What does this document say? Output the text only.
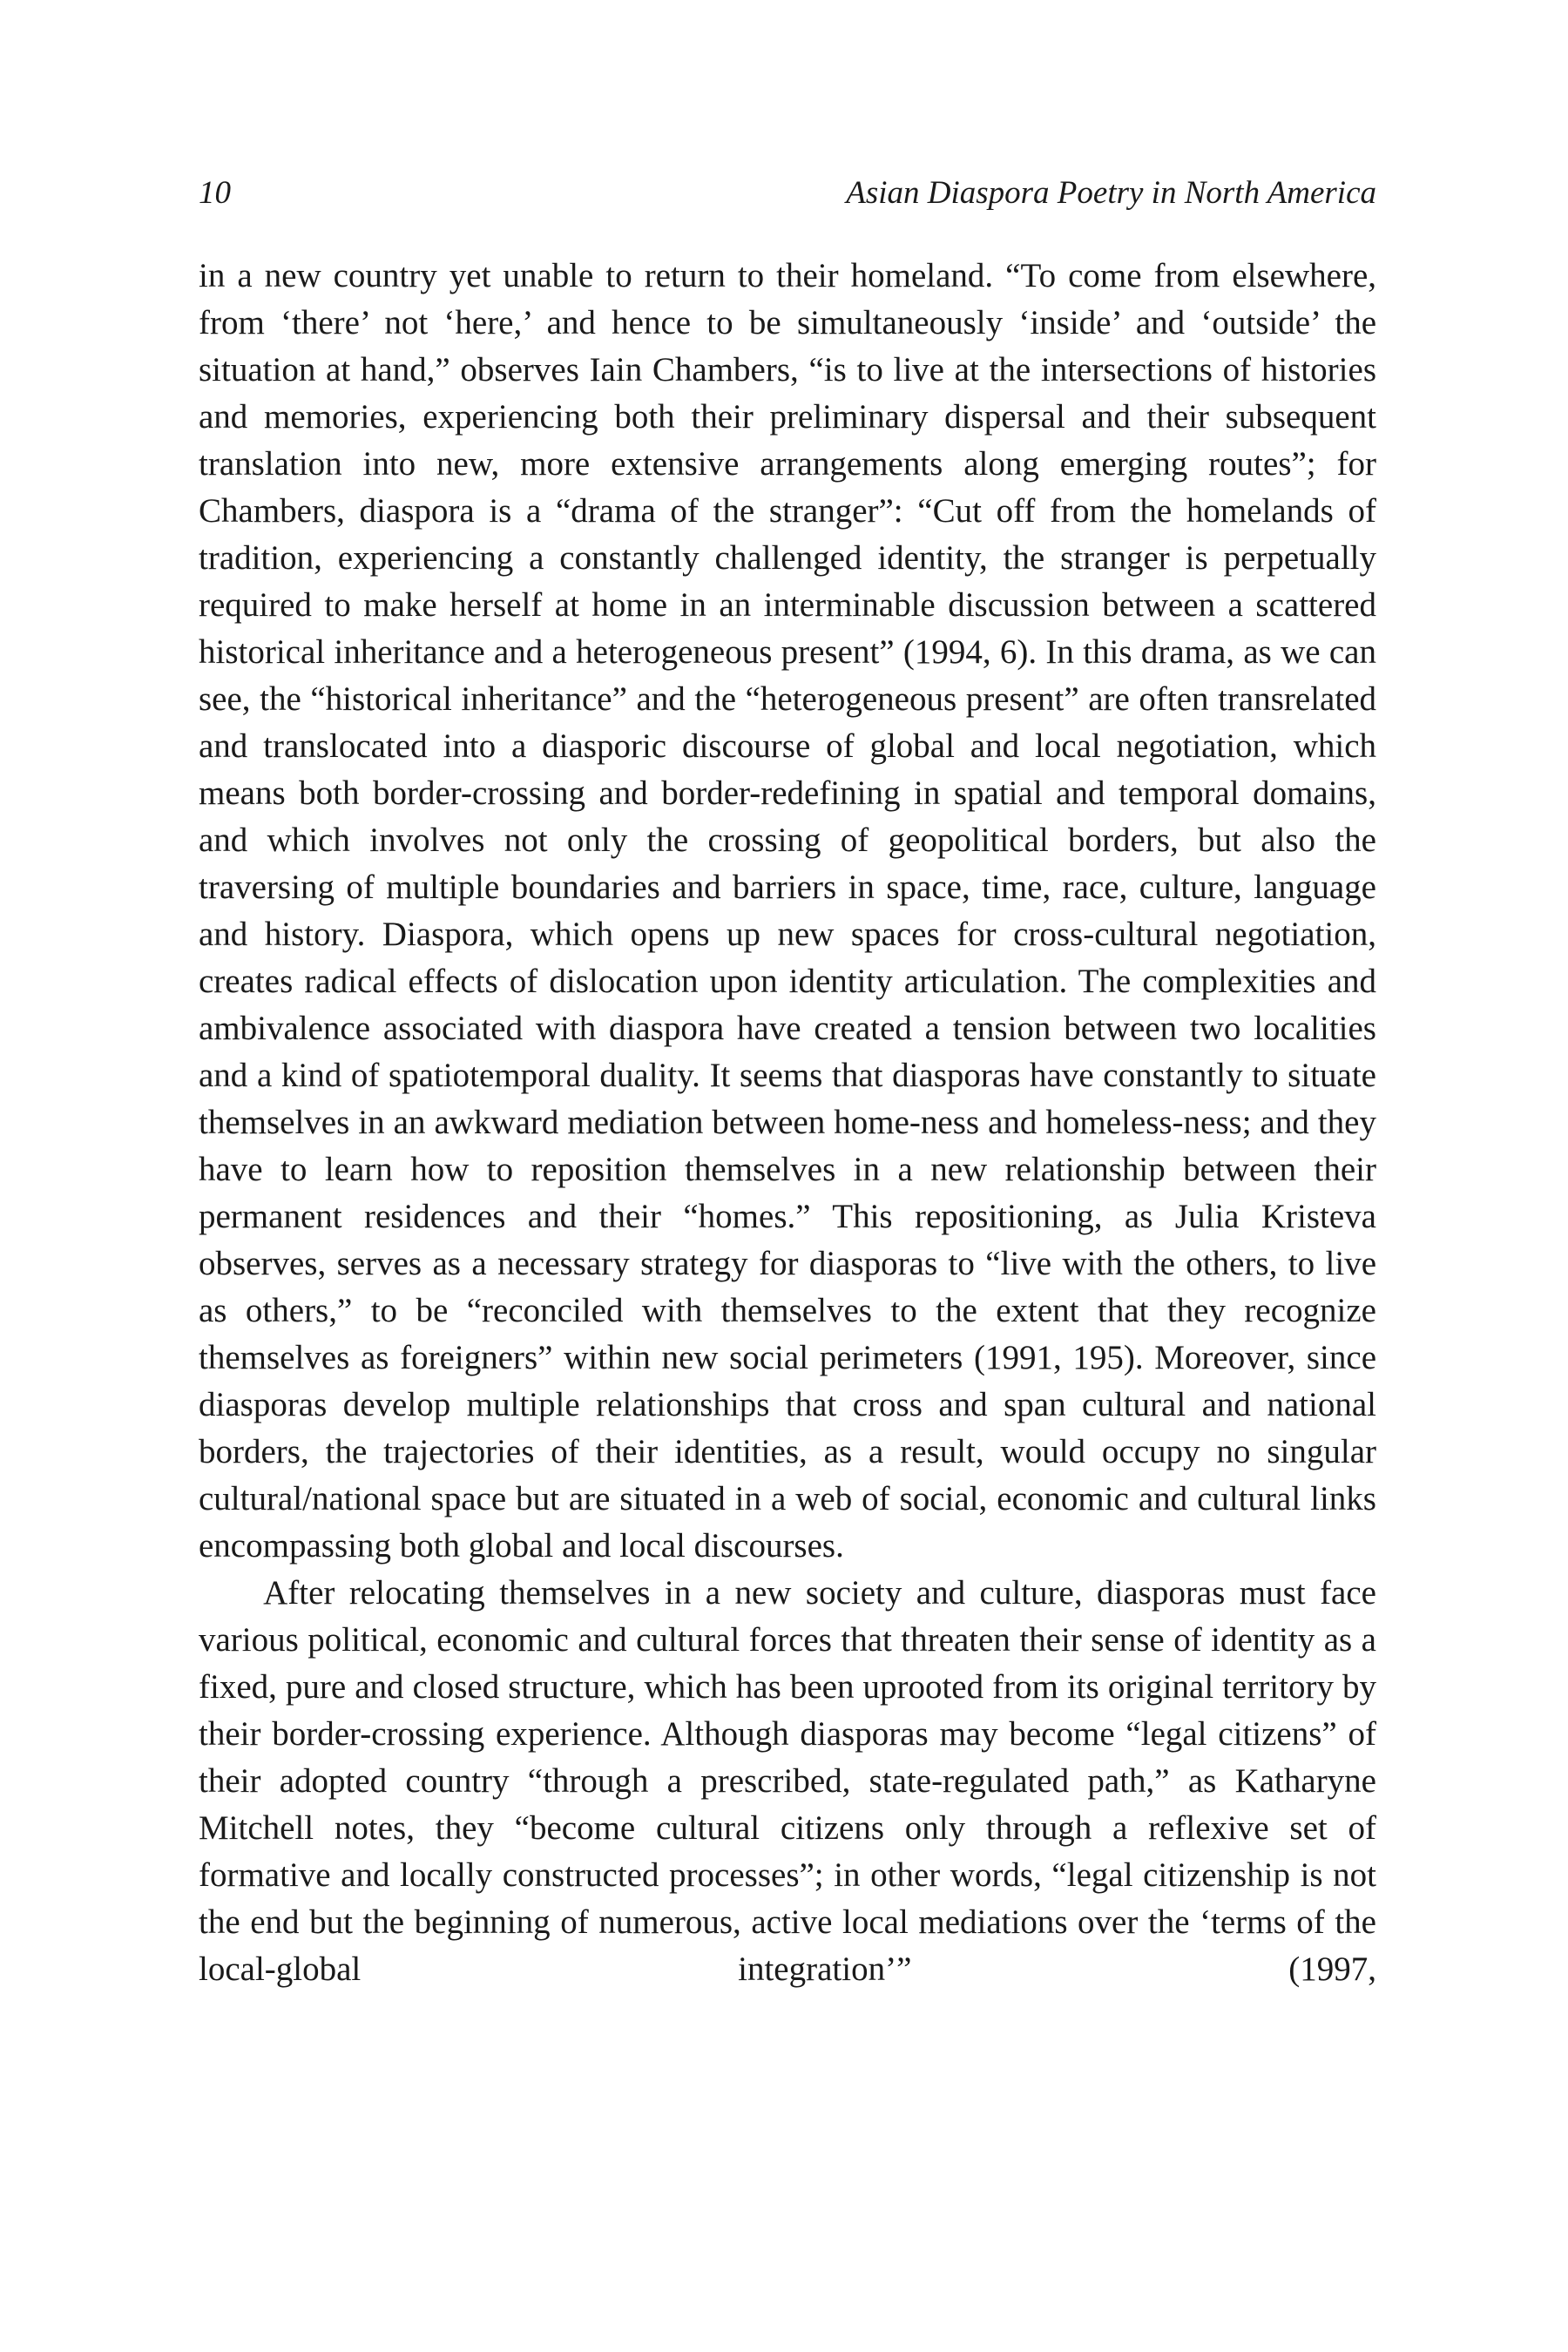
10	Asian Diaspora Poetry in North America

in a new country yet unable to return to their homeland. “To come from elsewhere, from ‘there’ not ‘here,’ and hence to be simultaneously ‘inside’ and ‘outside’ the situation at hand,” observes Iain Chambers, “is to live at the intersections of histories and memories, experiencing both their preliminary dispersal and their subsequent translation into new, more extensive arrangements along emerging routes”; for Chambers, diaspora is a “drama of the stranger”: “Cut off from the homelands of tradition, experiencing a constantly challenged identity, the stranger is perpetually required to make herself at home in an interminable discussion between a scattered historical inheritance and a heterogeneous present” (1994, 6). In this drama, as we can see, the “historical inheritance” and the “heterogeneous present” are often transrelated and translocated into a diasporic discourse of global and local negotiation, which means both border-crossing and border-redefining in spatial and temporal domains, and which involves not only the crossing of geopolitical borders, but also the traversing of multiple boundaries and barriers in space, time, race, culture, language and history. Diaspora, which opens up new spaces for cross-cultural negotiation, creates radical effects of dislocation upon identity articulation. The complexities and ambivalence associated with diaspora have created a tension between two localities and a kind of spatiotemporal duality. It seems that diasporas have constantly to situate themselves in an awkward mediation between home-ness and homeless-ness; and they have to learn how to reposition themselves in a new relationship between their permanent residences and their “homes.” This repositioning, as Julia Kristeva observes, serves as a necessary strategy for diasporas to “live with the others, to live as others,” to be “reconciled with themselves to the extent that they recognize themselves as foreigners” within new social perimeters (1991, 195). Moreover, since diasporas develop multiple relationships that cross and span cultural and national borders, the trajectories of their identities, as a result, would occupy no singular cultural/national space but are situated in a web of social, economic and cultural links encompassing both global and local discourses.

After relocating themselves in a new society and culture, diasporas must face various political, economic and cultural forces that threaten their sense of identity as a fixed, pure and closed structure, which has been uprooted from its original territory by their border-crossing experience. Although diasporas may become “legal citizens” of their adopted country “through a prescribed, state-regulated path,” as Katharyne Mitchell notes, they “become cultural citizens only through a reflexive set of formative and locally constructed processes”; in other words, “legal citizenship is not the end but the beginning of numerous, active local mediations over the ‘terms of the local-global integration’” (1997,
